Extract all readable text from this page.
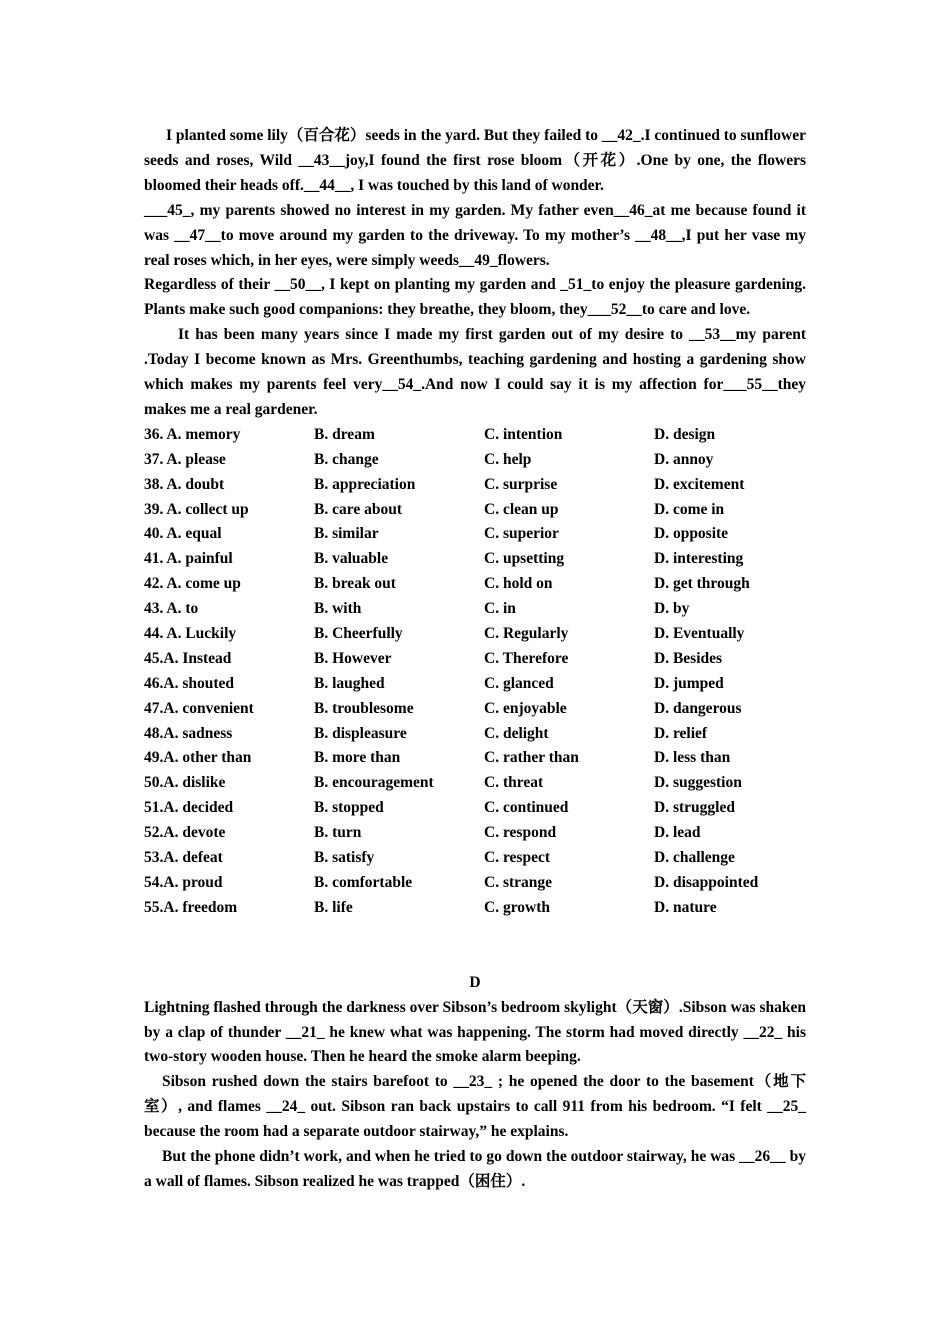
I planted some lily（百合花）seeds in the yard. But they failed to __42_.I continued to sunflower seeds and roses, Wild __43__joy,I found the first rose bloom（开花）.One by one, the flowers bloomed their heads off.__44__, I was touched by this land of wonder.

___45_, my parents showed no interest in my garden. My father even__46_at me because found it was __47__to move around my garden to the driveway. To my mother’s __48__,I put her vase my real roses which, in her eyes, were simply weeds__49_flowers.

Regardless of their __50__, I kept on planting my garden and _51_to enjoy the pleasure gardening. Plants make such good companions: they breathe, they bloom, they___52__to care and love.

It has been many years since I made my first garden out of my desire to __53__my parent .Today I become known as Mrs. Greenthumbs, teaching gardening and hosting a gardening show which makes my parents feel very__54_.And now I could say it is my affection for___55__they makes me a real gardener.

36. A. memory	B. dream	C. intention	D. design
37. A. please	B. change	C. help	D. annoy
38. A. doubt	B. appreciation	C. surprise	D. excitement
39. A. collect up	B. care about	C. clean up	D. come in
40. A. equal	B. similar	C. superior	D. opposite
41. A. painful	B. valuable	C. upsetting	D. interesting
42. A. come up	B. break out	C. hold on	D. get through
43. A. to	B. with	C. in	D. by
44. A. Luckily	B. Cheerfully	C. Regularly	D. Eventually
45.A. Instead	B. However	C. Therefore	D. Besides
46.A. shouted	B. laughed	C. glanced	D. jumped
47.A. convenient	B. troublesome	C. enjoyable	D. dangerous
48.A. sadness	B. displeasure	C. delight	D. relief
49.A. other than	B. more than	C. rather than	D. less than
50.A. dislike	B. encouragement	C. threat	D. suggestion
51.A. decided	B. stopped	C. continued	D. struggled
52.A. devote	B. turn	C. respond	D. lead
53.A. defeat	B. satisfy	C. respect	D. challenge
54.A. proud	B. comfortable	C. strange	D. disappointed
55.A. freedom	B. life	C. growth	D. nature

D

Lightning flashed through the darkness over Sibson’s bedroom skylight（天窗）.Sibson was shaken by a clap of thunder __21_ he knew what was happening. The storm had moved directly __22_ his two-story wooden house. Then he heard the smoke alarm beeping.

Sibson rushed down the stairs barefoot to __23_ ; he opened the door to the basement（地下室）, and flames __24_ out. Sibson ran back upstairs to call 911 from his bedroom. “I felt __25_ because the room had a separate outdoor stairway,” he explains.

But the phone didn’t work, and when he tried to go down the outdoor stairway, he was __26__ by a wall of flames. Sibson realized he was trapped（困住）.
